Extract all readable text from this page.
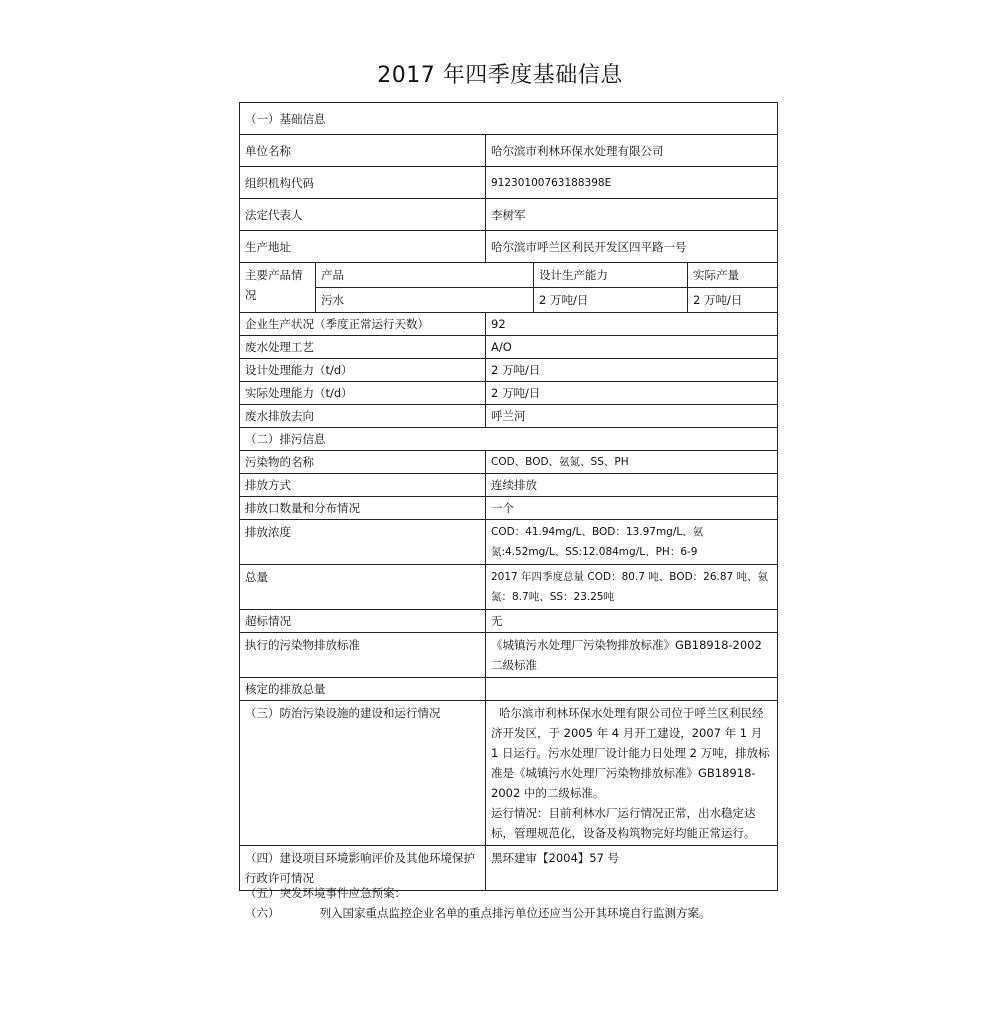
2017 年四季度基础信息
（一）基础信息				
单位名称		哈尔滨市利林环保水处理有限公司		
组织机构代码		91230100763188398E		
法定代表人		李树军		
生产地址		哈尔滨市呼兰区利民开发区四平路一号		
主要产品情况	产品		设计生产能力	实际产量
	污水		2 万吨/日	2 万吨/日
企业生产状况（季度正常运行天数）		92		
废水处理工艺		A/O		
设计处理能力（t/d）		2 万吨/日		
实际处理能力（t/d）		2 万吨/日		
废水排放去向		呼兰河		
（二）排污信息				
污染物的名称		COD、BOD、氨氮、SS、PH		
排放方式		连续排放		
排放口数量和分布情况		一个		
排放浓度		COD：41.94mg/L、BOD：13.97mg/L、氨氮:4.52mg/L、SS:12.084mg/L、PH：6-9		
总量		2017 年四季度总量 COD：80.7 吨、BOD：26.87 吨、氨氮：8.7吨、SS：23.25吨		
超标情况		无		
执行的污染物排放标准		《城镇污水处理厂污染物排放标准》GB18918-2002 二级标准		
核定的排放总量				
（三）防治污染设施的建设和运行情况		哈尔滨市利林环保水处理有限公司位于呼兰区利民经济开发区，于 2005 年 4 月开工建设，2007 年 1 月 1 日运行。污水处理厂设计能力日处理 2 万吨，排放标准是《城镇污水处理厂污染物排放标准》GB18918-2002 中的二级标准。
运行情况：目前利林水厂运行情况正常，出水稳定达标，管理规范化，设备及构筑物完好均能正常运行。		

（四）建设项目环境影响评价及其他环境保护行政许可情况		黑环建审【2004】57 号		
（五）突发环境事件应急预案：
（六）	列入国家重点监控企业名单的重点排污单位还应当公开其环境自行监测方案。
